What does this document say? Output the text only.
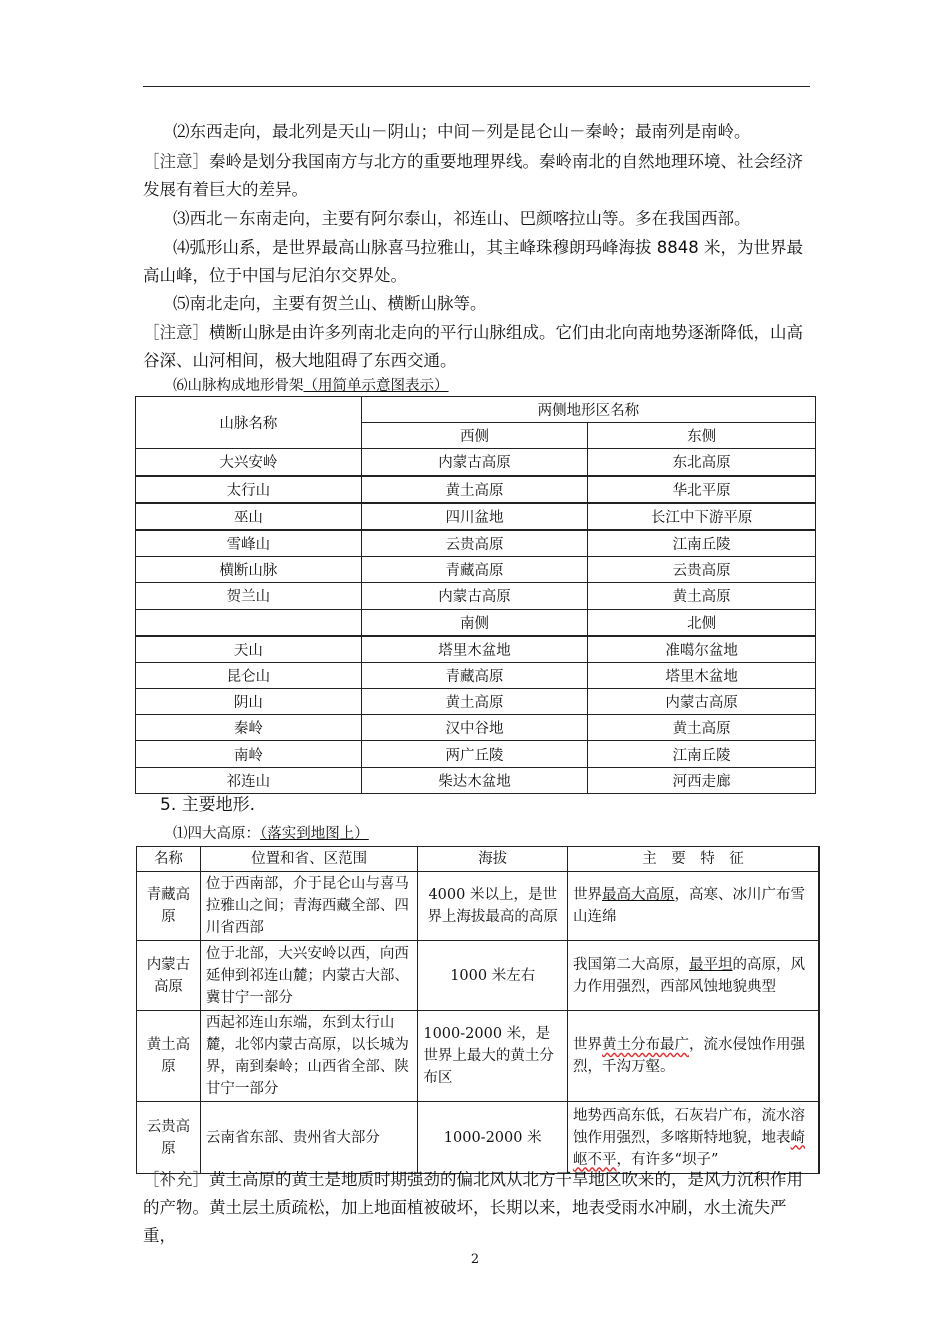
⑵东西走向，最北列是天山－阴山；中间－列是昆仑山－秦岭；最南列是南岭。

［注意］秦岭是划分我国南方与北方的重要地理界线。秦岭南北的自然地理环境、社会经济发展有着巨大的差异。

⑶西北－东南走向，主要有阿尔泰山，祁连山、巴颜喀拉山等。多在我国西部。

⑷弧形山系，是世界最高山脉喜马拉雅山，其主峰珠穆朗玛峰海拔 8848 米，为世界最高山峰，位于中国与尼泊尔交界处。

⑸南北走向，主要有贺兰山、横断山脉等。

［注意］横断山脉是由许多列南北走向的平行山脉组成。它们由北向南地势逐渐降低，山高谷深、山河相间，极大地阻碍了东西交通。

⑹山脉构成地形骨架（用简单示意图表示）

山脉名称	两侧地形区名称	
	西侧	东侧
大兴安岭	内蒙古高原	东北高原
太行山	黄土高原	华北平原
巫山	四川盆地	长江中下游平原
雪峰山	云贵高原	江南丘陵
横断山脉	青藏高原	云贵高原
贺兰山	内蒙古高原	黄土高原
	南侧	北侧
天山	塔里木盆地	准噶尔盆地
昆仑山	青藏高原	塔里木盆地
阴山	黄土高原	内蒙古高原
秦岭	汉中谷地	黄土高原
南岭	两广丘陵	江南丘陵
祁连山	柴达木盆地	河西走廊

5. 主要地形.

⑴四大高原：（落实到地图上）

名称	位置和省、区范围	海拔	主　要　特　征
青藏高原	位于西南部，介于昆仑山与喜马拉雅山之间；青海西藏全部、四川省西部	4000 米以上，是世界上海拔最高的高原	世界最高大高原，高寒、冰川广布雪山连绵
内蒙古高原	位于北部，大兴安岭以西，向西延伸到祁连山麓；内蒙古大部、冀甘宁一部分	1000 米左右	我国第二大高原，最平坦的高原，风力作用强烈，西部风蚀地貌典型
黄土高原	西起祁连山东端，东到太行山麓，北邻内蒙古高原，以长城为界，南到秦岭；山西省全部、陕甘宁一部分	1000-2000 米，是世界上最大的黄土分布区	世界黄土分布最广，流水侵蚀作用强烈，千沟万壑。
云贵高原	云南省东部、贵州省大部分	1000-2000 米	地势西高东低，石灰岩广布，流水溶蚀作用强烈，多喀斯特地貌，地表崎岖不平，有许多“坝子”

［补充］黄土高原的黄土是地质时期强劲的偏北风从北方干旱地区吹来的，是风力沉积作用的产物。黄土层土质疏松，加上地面植被破坏，长期以来，地表受雨水冲刷，水土流失严重，

2
